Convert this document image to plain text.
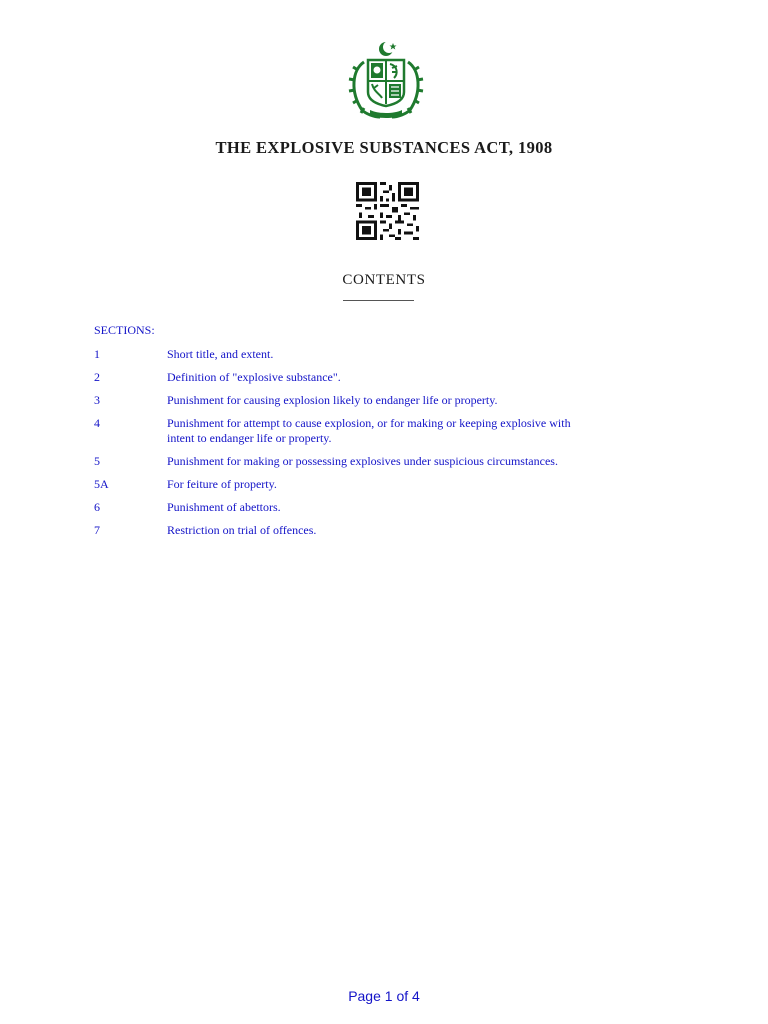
THE EXPLOSIVE SUBSTANCES ACT, 1908
CONTENTS
SECTIONS:
1	Short title, and extent.
2	Definition of "explosive substance".
3	Punishment for causing explosion likely to endanger life or property.
4	Punishment for attempt to cause explosion, or for making or keeping explosive with intent to endanger life or property.
5	Punishment for making or possessing explosives under suspicious circumstances.
5A	For feiture of property.
6	Punishment of abettors.
7	Restriction on trial of offences.
Page 1 of 4
